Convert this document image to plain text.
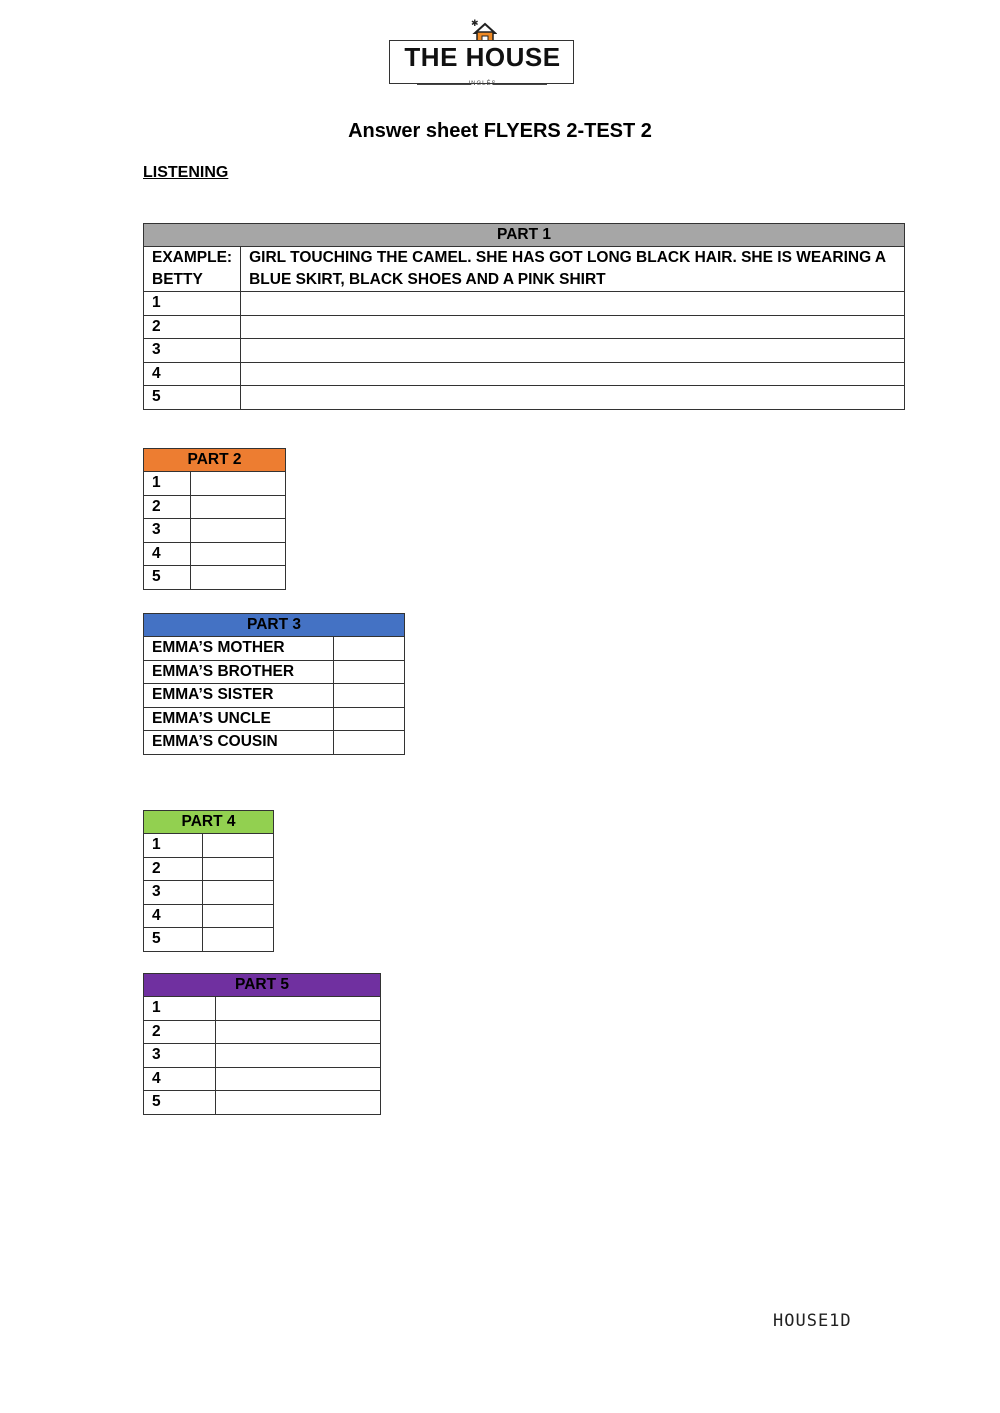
✱
THE HOUSE
INGLÉS
Answer sheet FLYERS 2-TEST 2
LISTENING
PART 1	
EXAMPLE: BETTY	GIRL TOUCHING THE CAMEL. SHE HAS GOT LONG BLACK HAIR. SHE IS WEARING A BLUE SKIRT, BLACK SHOES AND A PINK SHIRT
1	
2	
3	
4	
5	
PART 2	
1	
2	
3	
4	
5	
PART 3	
EMMA’S MOTHER	
EMMA’S BROTHER	
EMMA’S SISTER	
EMMA’S UNCLE	
EMMA’S COUSIN	
PART 4	
1	
2	
3	
4	
5	
PART 5	
1	
2	
3	
4	
5	
HOUSE1D
